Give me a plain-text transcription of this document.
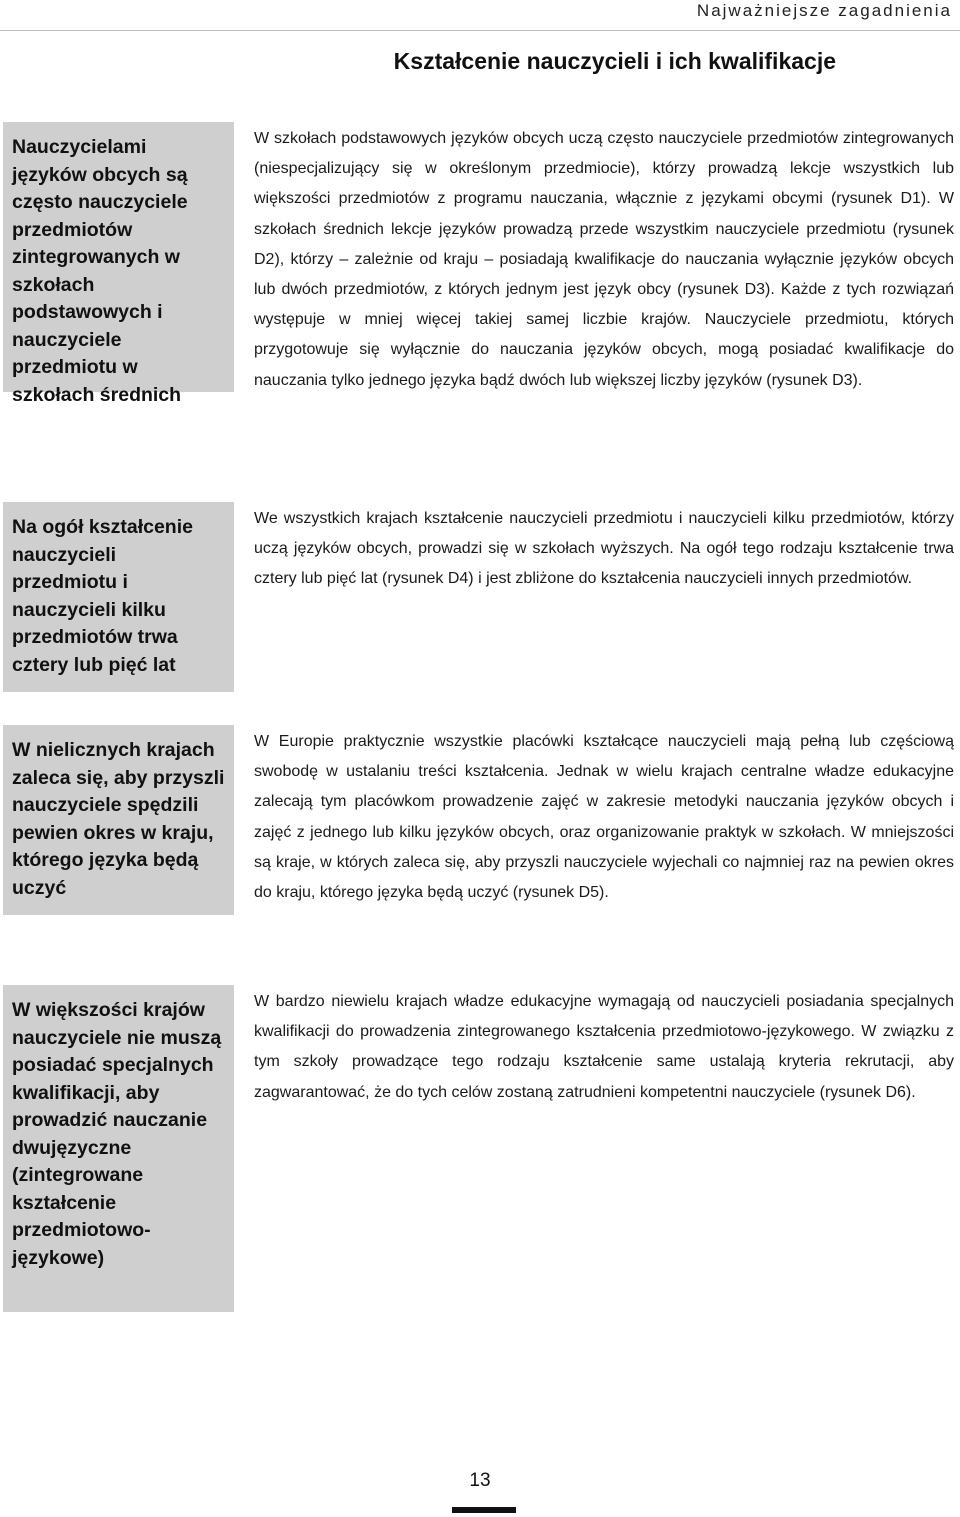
Najważniejsze zagadnienia
Kształcenie nauczycieli i ich kwalifikacje
Nauczycielami języków obcych są często nauczyciele przedmiotów zintegrowanych w szkołach podstawowych i nauczyciele przedmiotu w szkołach średnich
W szkołach podstawowych języków obcych uczą często nauczyciele przedmiotów zintegrowanych (niespecjalizujący się w określonym przedmiocie), którzy prowadzą lekcje wszystkich lub większości przedmiotów z programu nauczania, włącznie z językami obcymi (rysunek D1). W szkołach średnich lekcje języków prowadzą przede wszystkim nauczyciele przedmiotu (rysunek D2), którzy – zależnie od kraju – posiadają kwalifikacje do nauczania wyłącznie języków obcych lub dwóch przedmiotów, z których jednym jest język obcy (rysunek D3). Każde z tych rozwiązań występuje w mniej więcej takiej samej liczbie krajów. Nauczyciele przedmiotu, których przygotowuje się wyłącznie do nauczania języków obcych, mogą posiadać kwalifikacje do nauczania tylko jednego języka bądź dwóch lub większej liczby języków (rysunek D3).
Na ogół kształcenie nauczycieli przedmiotu i nauczycieli kilku przedmiotów trwa cztery lub pięć lat
We wszystkich krajach kształcenie nauczycieli przedmiotu i nauczycieli kilku przedmiotów, którzy uczą języków obcych, prowadzi się w szkołach wyższych. Na ogół tego rodzaju kształcenie trwa cztery lub pięć lat (rysunek D4) i jest zbliżone do kształcenia nauczycieli innych przedmiotów.
W nielicznych krajach zaleca się, aby przyszli nauczyciele spędzili pewien okres w kraju, którego języka będą uczyć
W Europie praktycznie wszystkie placówki kształcące nauczycieli mają pełną lub częściową swobodę w ustalaniu treści kształcenia. Jednak w wielu krajach centralne władze edukacyjne zalecają tym placówkom prowadzenie zajęć w zakresie metodyki nauczania języków obcych i zajęć z jednego lub kilku języków obcych, oraz organizowanie praktyk w szkołach. W mniejszości są kraje, w których zaleca się, aby przyszli nauczyciele wyjechali co najmniej raz na pewien okres do kraju, którego języka będą uczyć (rysunek D5).
W większości krajów nauczyciele nie muszą posiadać specjalnych kwalifikacji, aby prowadzić nauczanie dwujęzyczne (zintegrowane kształcenie przedmiotowo-językowe)
W bardzo niewielu krajach władze edukacyjne wymagają od nauczycieli posiadania specjalnych kwalifikacji do prowadzenia zintegrowanego kształcenia przedmiotowo-językowego. W związku z tym szkoły prowadzące tego rodzaju kształcenie same ustalają kryteria rekrutacji, aby zagwarantować, że do tych celów zostaną zatrudnieni kompetentni nauczyciele (rysunek D6).
13
